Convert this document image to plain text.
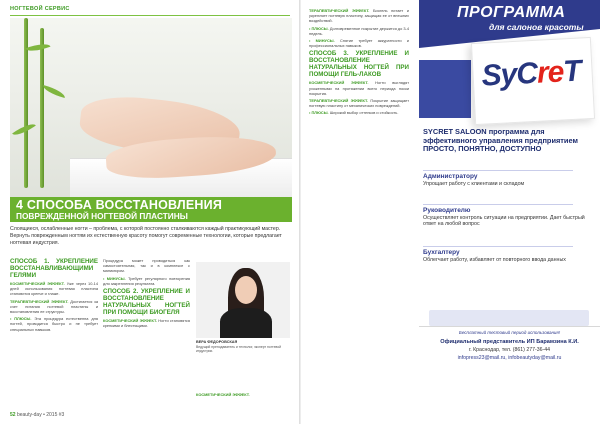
НОГТЕВОЙ СЕРВИС
4 СПОСОБА ВОССТАНОВЛЕНИЯ
ПОВРЕЖДЕННОЙ НОГТЕВОЙ ПЛАСТИНЫ
Слоящиеся, ослабленные ногти – проблема, с которой постоянно сталкиваются каждый практикующий мастер. Вернуть поврежденным ногтям их естественную красоту помогут современные технологии, которые предлагает ногтевая индустрия.
СПОСОБ 1. УКРЕПЛЕНИЕ ВОССТАНАВЛИВАЮЩИМИ ГЕЛЯМИ

КОСМЕТИЧЕСКИЙ ЭФФЕКТ. Уже через 10-14 дней использования ногтевая пластина становится крепче и глаже.

ТЕРАПЕВТИЧЕСКИЙ ЭФФЕКТ. Достигается за счет питания ногтевой пластины и восстановления ее структуры.

• ПЛЮСЫ. Эта процедура естественна для ногтей, проводится быстро и не требует специальных навыков.

Процедура может проводиться как самостоятельная, так и в комплексе с маникюром.

• МИНУСЫ. Требует регулярного повторения для закрепления результата.

СПОСОБ 2. УКРЕПЛЕНИЕ И ВОССТАНОВЛЕНИЕ НАТУРАЛЬНЫХ НОГТЕЙ ПРИ ПОМОЩИ БИОГЕЛЯ

КОСМЕТИЧЕСКИЙ ЭФФЕКТ. Ногти становятся крепкими и блестящими.

ВЕРА ФЕДОРОВСКАЯ
Ведущий преподаватель и технолог, эксперт ногтевой индустрии.
КОСМЕТИЧЕСКИЙ ЭФФЕКТ.
52 beauty-day • 2015 #3

ТЕРАПЕВТИЧЕСКИЙ ЭФФЕКТ. Биогель питает и укрепляет ногтевую пластину, защищая ее от внешних воздействий.

• ПЛЮСЫ. Долговременное покрытие держится до 3-4 недель.

• МИНУСЫ. Снятие требует аккуратности и профессиональных навыков.

СПОСОБ 3. УКРЕПЛЕНИЕ И ВОССТАНОВЛЕНИЕ НАТУРАЛЬНЫХ НОГТЕЙ ПРИ ПОМОЩИ ГЕЛЬ-ЛАКОВ

КОСМЕТИЧЕСКИЙ ЭФФЕКТ. Ногти выглядят ухоженными на протяжении всего периода носки покрытия.

ТЕРАПЕВТИЧЕСКИЙ ЭФФЕКТ. Покрытие защищает ногтевую пластину от механических повреждений.

• ПЛЮСЫ. Широкий выбор оттенков и стойкость.

ПРОГРАММА
для салонов красоты
SyCreT
SYCRET SALOON программа для эффективного управления предприятием ПРОСТО, ПОНЯТНО, ДОСТУПНО
Администратору
Упрощает работу с клиентами и складом
Руководителю
Осуществляет контроль ситуации на предприятии. Дает быстрый ответ на любой вопрос
Бухгалтеру
Облегчает работу, избавляет от повторного ввода данных
Бесплатный тестовый период использования!
Официальный представитель ИП Барамзина К.И.
г. Краснодар, тел. (861) 277-36-44
infopress23@mail.ru, infobeautyday@mail.ru
